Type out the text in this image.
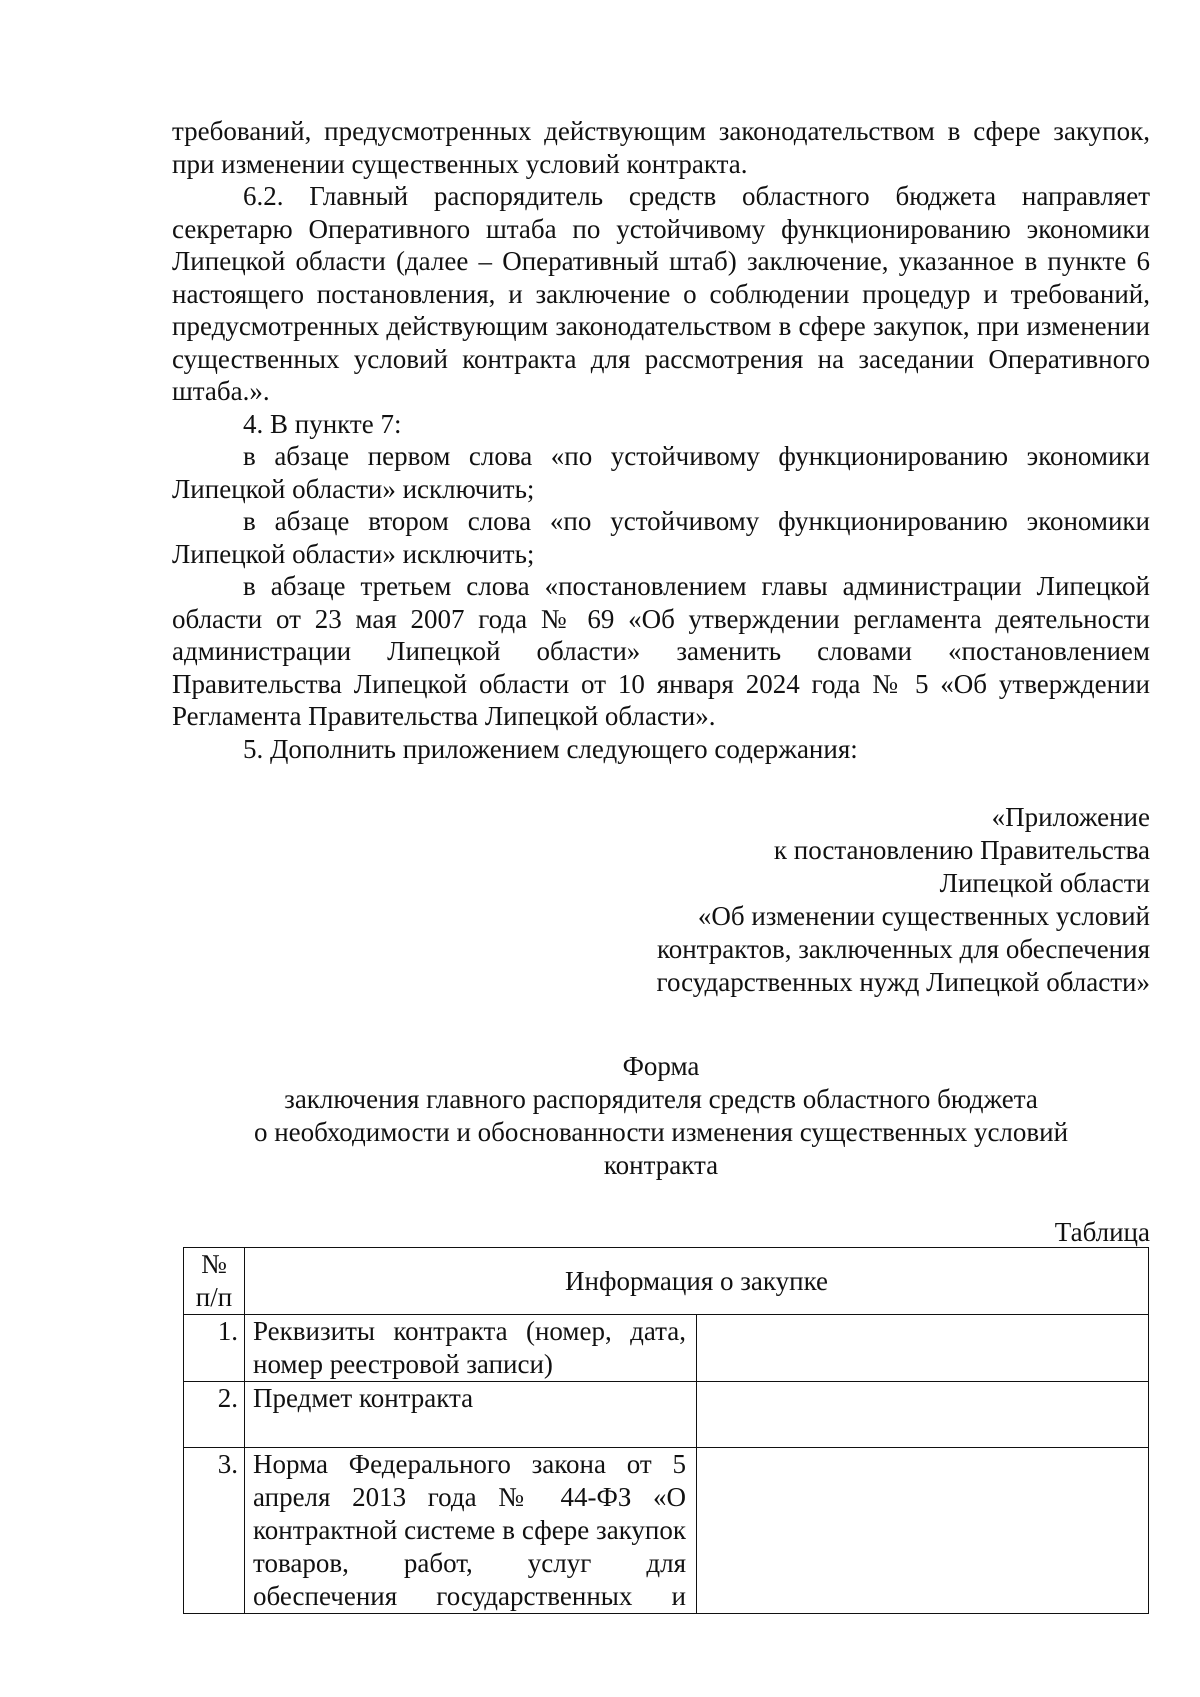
требований, предусмотренных действующим законодательством в сфере закупок, при изменении существенных условий контракта.

6.2. Главный распорядитель средств областного бюджета направляет секретарю Оперативного штаба по устойчивому функционированию экономики Липецкой области (далее – Оперативный штаб) заключение, указанное в пункте 6 настоящего постановления, и заключение о соблюдении процедур и требований, предусмотренных действующим законодательством в сфере закупок, при изменении существенных условий контракта для рассмотрения на заседании Оперативного штаба.».

4. В пункте 7:

в абзаце первом слова «по устойчивому функционированию экономики Липецкой области» исключить;

в абзаце втором слова «по устойчивому функционированию экономики Липецкой области» исключить;

в абзаце третьем слова «постановлением главы администрации Липецкой области от 23 мая 2007 года № 69 «Об утверждении регламента деятельности администрации Липецкой области» заменить словами «постановлением Правительства Липецкой области от 10 января 2024 года № 5 «Об утверждении Регламента Правительства Липецкой области».

5. Дополнить приложением следующего содержания:

«Приложение
к постановлению Правительства
Липецкой области
«Об изменении существенных условий
контрактов, заключенных для обеспечения
государственных нужд Липецкой области»
Форма
заключения главного распорядителя средств областного бюджета
о необходимости и обоснованности изменения существенных условий
контракта
Таблица
№
п/п	Информация о закупке	
1.	Реквизиты контракта (номер, дата, номер реестровой записи)	
2.	Предмет контракта	
3.	Норма Федерального закона от 5 апреля 2013 года № 44-ФЗ «О контрактной системе в сфере закупок товаров, работ, услуг для обеспечения государственных и	
